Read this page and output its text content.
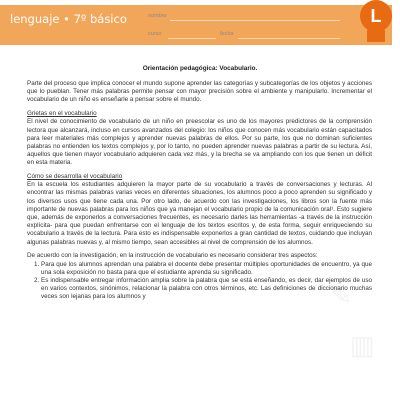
lenguaje • 7º básico	nombre
curso	fecha
L
✎
▥
Orientación pedagógica: Vocabulario.

Parte del proceso que implica conocer el mundo supone aprender las categorías y subcategorías de los objetos y acciones que lo pueblan. Tener más palabras permite pensar con mayor precisión sobre el ambiente y manipularlo. Incrementar el vocabulario de un niño es enseñarle a pensar sobre el mundo.

Grietas en el vocabulario
El nivel de conocimiento de vocabulario de un niño en preescolar es uno de los mayores predictores de la comprensión lectora que alcanzará, incluso en cursos avanzados del colegio: los niños que conocen más vocabulario están capacitados para leer materiales más complejos y aprender nuevas palabras de ellos. Por su parte, los que no dominan suficientes palabras no entienden los textos complejos y, por lo tanto, no pueden aprender nuevas palabras a partir de su lectura. Así, aquellos que tienen mayor vocabulario adquieren cada vez más, y la brecha se va ampliando con los que tienen un déficit en esta materia.

Cómo se desarrolla el vocabulario
En la escuela los estudiantes adquieren la mayor parte de su vocabulario a través de conversaciones y lecturas. Al encontrar las mismas palabras varias veces en diferentes situaciones, los alumnos poco a poco aprenden su significado y los diversos usos que tiene cada una. Por otro lado, de acuerdo con las investigaciones, los libros son la fuente más importante de nuevas palabras para los niños que ya manejan el vocabulario propio de la comunicación oral¹. Esto sugiere que, además de exponerlos a conversaciones frecuentes, es necesario darles las herramientas -a través de la instrucción explícita- para que puedan enfrentarse con el lenguaje de los textos escritos y, de esta forma, seguir enriqueciendo su vocabulario a través de la lectura. Para esto es indispensable exponerlos a gran cantidad de textos, cuidando que incluyan algunas palabras nuevas y, al mismo tiempo, sean accesibles al nivel de comprensión de los alumnos.

De acuerdo con la investigación, en la instrucción de vocabulario es necesario considerar tres aspectos:

1. Para que los alumnos aprendan una palabra el docente debe presentar múltiples oportunidades de encuentro, ya que una sola exposición no basta para que el estudiante aprenda su significado.
2. Es indispensable entregar información amplia sobre la palabra que se está enseñando, es decir, dar ejemplos de uso en varios contextos, sinónimos, relacionar la palabra con otros términos, etc. Las definiciones de diccionario muchas veces son lejanas para los alumnos y
